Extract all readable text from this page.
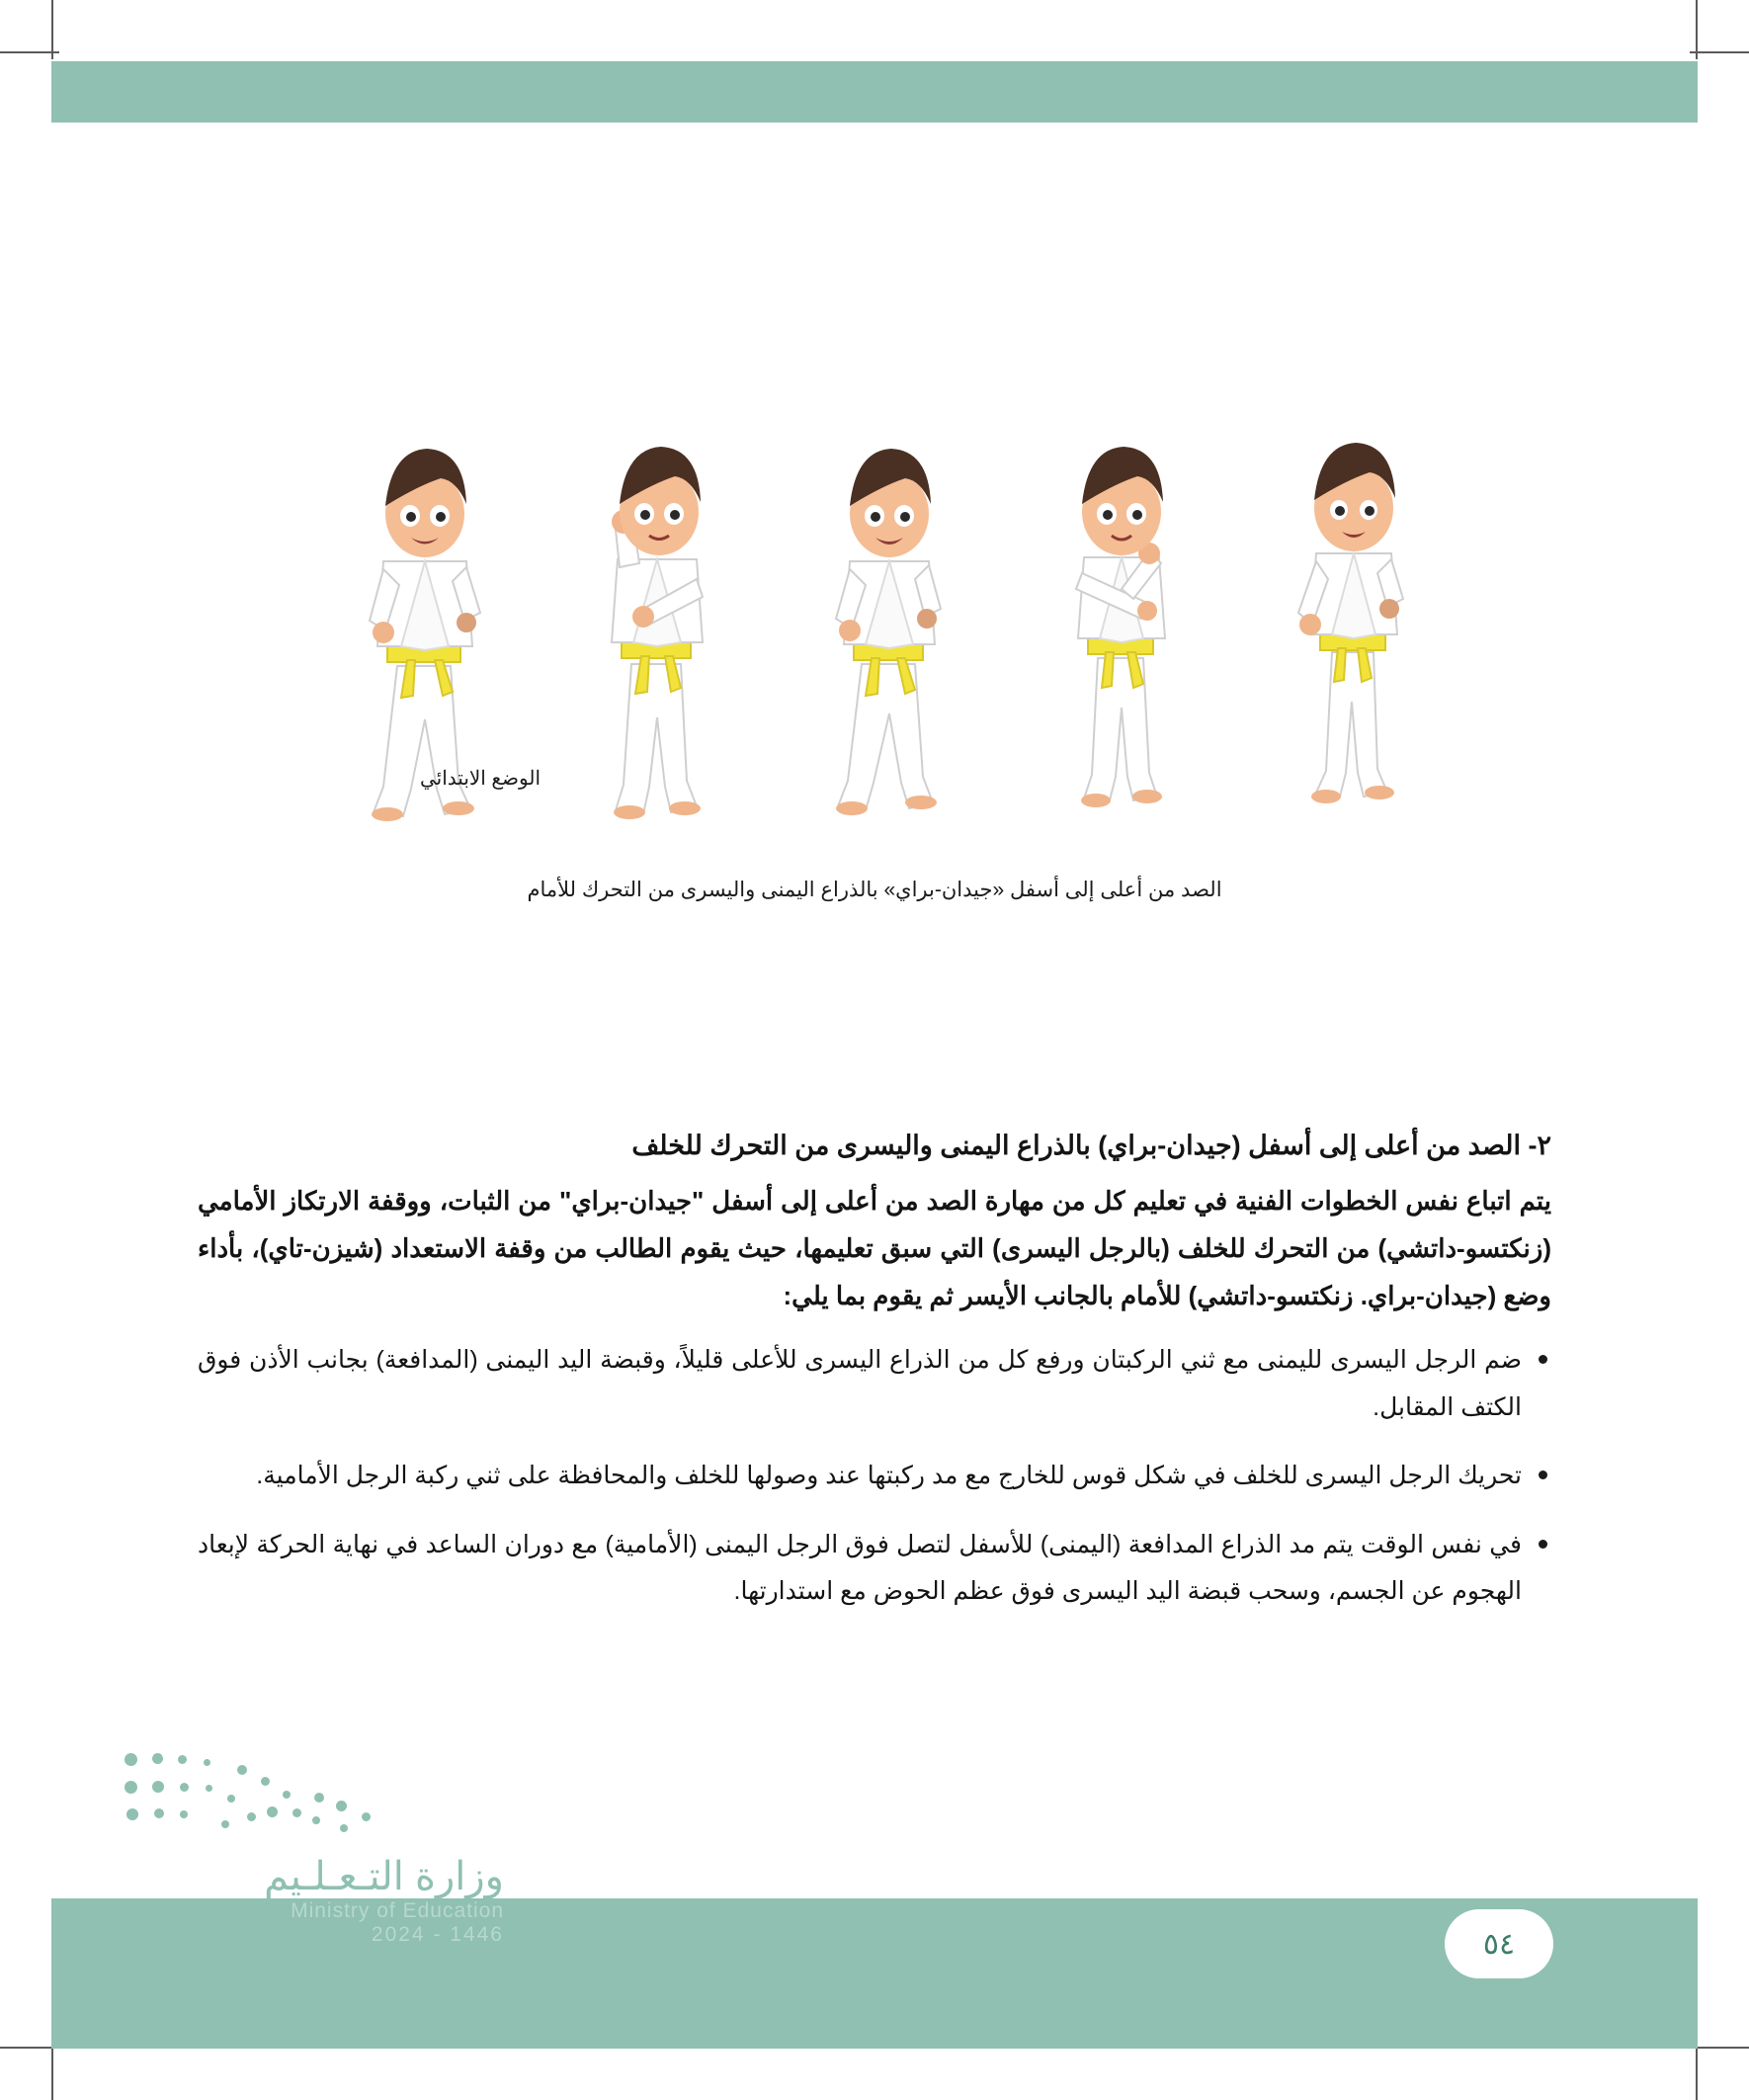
٥٤
وزارة التـعـلـيم
Ministry of Education
2024 - 1446
الوضع الابتدائي
الصد من أعلى إلى أسفل «جيدان-براي» بالذراع اليمنى واليسرى من التحرك للأمام
٢- الصد من أعلى إلى أسفل (جيدان-براي) بالذراع اليمنى واليسرى من التحرك للخلف
يتم اتباع نفس الخطوات الفنية في تعليم كل من مهارة الصد من أعلى إلى أسفل "جيدان-براي" من الثبات، ووقفة الارتكاز الأمامي (زنكتسو-داتشي) من التحرك للخلف (بالرجل اليسرى) التي سبق تعليمها، حيث يقوم الطالب من وقفة الاستعداد (شيزن-تاي)، بأداء وضع (جيدان-براي. زنكتسو-داتشي) للأمام بالجانب الأيسر ثم يقوم بما يلي:
ضم الرجل اليسرى لليمنى مع ثني الركبتان ورفع كل من الذراع اليسرى للأعلى قليلاً، وقبضة اليد اليمنى (المدافعة) بجانب الأذن فوق الكتف المقابل.
تحريك الرجل اليسرى للخلف في شكل قوس للخارج مع مد ركبتها عند وصولها للخلف والمحافظة على ثني ركبة الرجل الأمامية.
في نفس الوقت يتم مد الذراع المدافعة (اليمنى) للأسفل لتصل فوق الرجل اليمنى (الأمامية) مع دوران الساعد في نهاية الحركة لإبعاد الهجوم عن الجسم، وسحب قبضة اليد اليسرى فوق عظم الحوض مع استدارتها.
